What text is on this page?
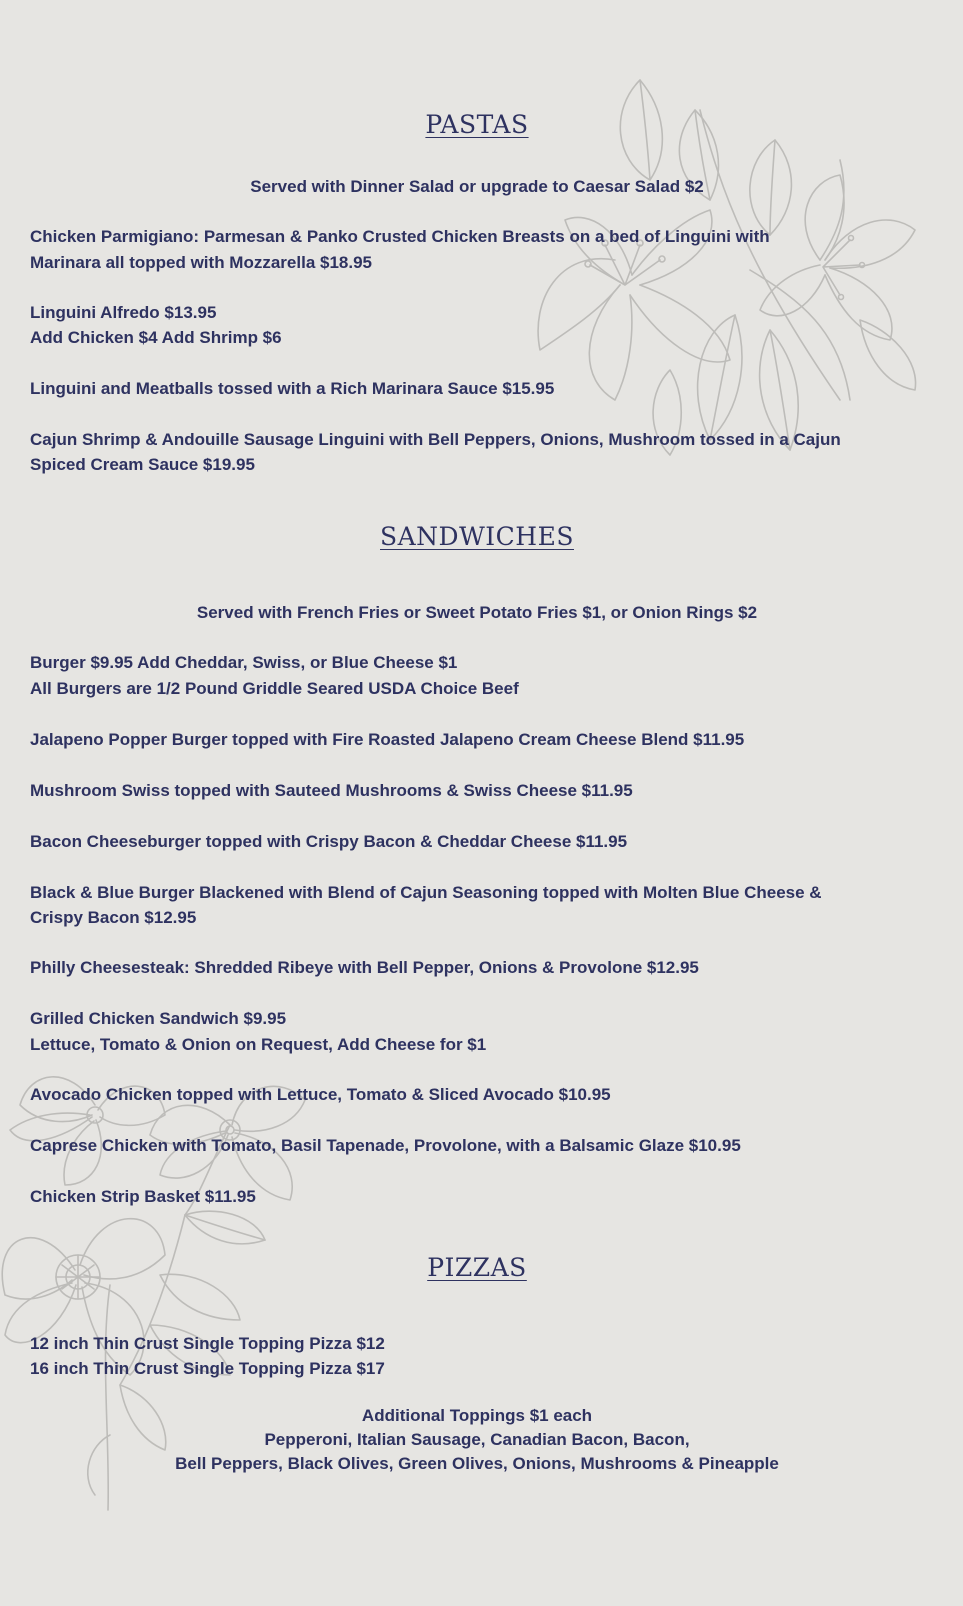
PASTAS
Served with Dinner Salad or upgrade to Caesar Salad $2
Chicken Parmigiano: Parmesan & Panko Crusted Chicken Breasts on a bed of Linguini with
Marinara all topped with Mozzarella $18.95
Linguini Alfredo $13.95
Add Chicken $4 Add Shrimp $6
Linguini and Meatballs tossed with a Rich Marinara Sauce $15.95
Cajun Shrimp & Andouille Sausage Linguini with Bell Peppers, Onions, Mushroom tossed in a Cajun
Spiced Cream Sauce $19.95
SANDWICHES
Served with French Fries or Sweet Potato Fries $1, or Onion Rings $2
Burger $9.95 Add Cheddar, Swiss, or Blue Cheese $1
All Burgers are 1/2 Pound Griddle Seared USDA Choice Beef
Jalapeno Popper Burger topped with Fire Roasted Jalapeno Cream Cheese Blend $11.95
Mushroom Swiss topped with Sauteed Mushrooms & Swiss Cheese $11.95
Bacon Cheeseburger topped with Crispy Bacon & Cheddar Cheese $11.95
Black & Blue Burger Blackened with Blend of Cajun Seasoning topped with Molten Blue Cheese &
Crispy Bacon $12.95
Philly Cheesesteak: Shredded Ribeye with Bell Pepper, Onions & Provolone $12.95
Grilled Chicken Sandwich $9.95
Lettuce, Tomato & Onion on Request, Add Cheese for $1
Avocado Chicken topped with Lettuce, Tomato & Sliced Avocado $10.95
Caprese Chicken with Tomato, Basil Tapenade, Provolone, with a Balsamic Glaze $10.95
Chicken Strip Basket $11.95
PIZZAS
12 inch Thin Crust Single Topping Pizza $12
16 inch Thin Crust Single Topping Pizza $17
Additional Toppings $1 each
Pepperoni, Italian Sausage, Canadian Bacon, Bacon,
Bell Peppers, Black Olives, Green Olives, Onions, Mushrooms & Pineapple
